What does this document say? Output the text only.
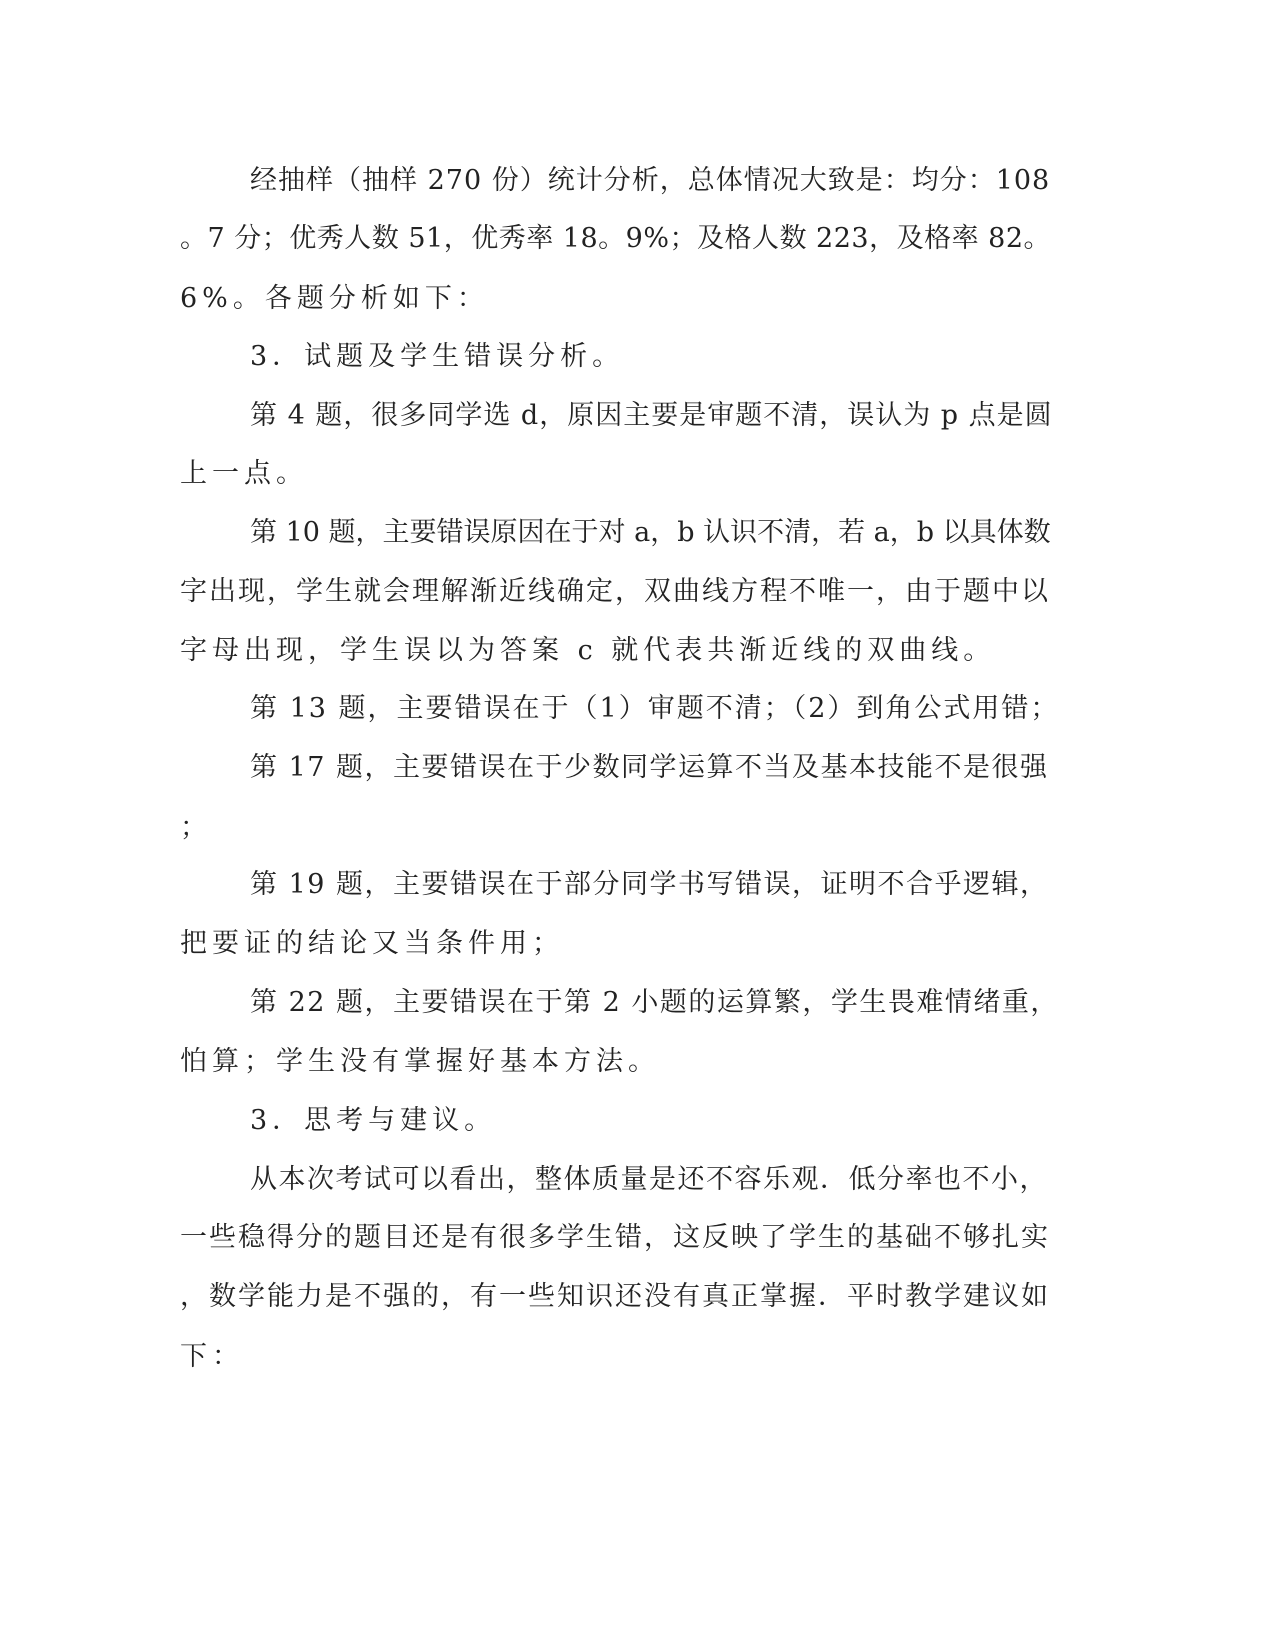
经抽样（抽样 270 份）统计分析，总体情况大致是：均分：108

。7 分；优秀人数 51，优秀率 18。9%；及格人数 223，及格率 82。

6%。各题分析如下：

3．试题及学生错误分析。

第 4 题，很多同学选 d，原因主要是审题不清，误认为 p 点是圆

上一点。

第 10 题，主要错误原因在于对 a，b 认识不清，若 a，b 以具体数

字出现，学生就会理解渐近线确定，双曲线方程不唯一，由于题中以

字母出现，学生误以为答案 c 就代表共渐近线的双曲线。

第 13 题，主要错误在于（1）审题不清；（2）到角公式用错；

第 17 题，主要错误在于少数同学运算不当及基本技能不是很强

；

第 19 题，主要错误在于部分同学书写错误，证明不合乎逻辑，

把要证的结论又当条件用；

第 22 题，主要错误在于第 2 小题的运算繁，学生畏难情绪重，

怕算；学生没有掌握好基本方法。

3．思考与建议。

从本次考试可以看出，整体质量是还不容乐观．低分率也不小，

一些稳得分的题目还是有很多学生错，这反映了学生的基础不够扎实

，数学能力是不强的，有一些知识还没有真正掌握．平时教学建议如

下：
